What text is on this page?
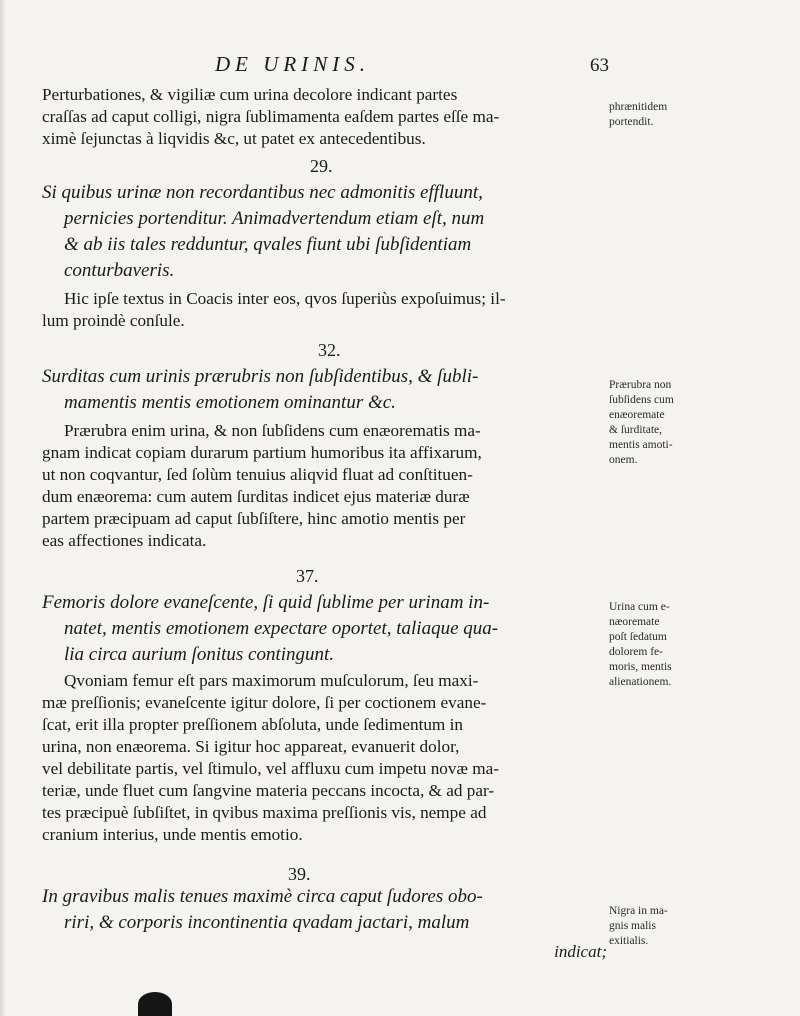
DE URINIS.	63
Perturbationes, & vigiliæ cum urina decolore indicant partes
craſſas ad caput colligi, nigra ſublimamenta eaſdem partes eſſe ma-
ximè ſejunctas à liqvidis &c, ut patet ex antecedentibus.
29.
Si quibus urinæ non recordantibus nec admonitis effluunt,
pernicies portenditur. Animadvertendum etiam eſt, num
& ab iis tales redduntur, qvales fiunt ubi ſubſidentiam
conturbaveris.
Hic ipſe textus in Coacis inter eos, qvos ſuperiùs expoſuimus; il-
lum proindè conſule.
32.
Surditas cum urinis prærubris non ſubſidentibus, & ſubli-
mamentis mentis emotionem ominantur &c.
Prærubra enim urina, & non ſubſidens cum enæorematis ma-
gnam indicat copiam durarum partium humoribus ita affixarum,
ut non coqvantur, ſed ſolùm tenuius aliqvid fluat ad conſtituen-
dum enæorema: cum autem ſurditas indicet ejus materiæ duræ
partem præcipuam ad caput ſubſiſtere, hinc amotio mentis per
eas affectiones indicata.
37.
Femoris dolore evaneſcente, ſi quid ſublime per urinam in-
natet, mentis emotionem expectare oportet, taliaque qua-
lia circa aurium ſonitus contingunt.
Qvoniam femur eſt pars maximorum muſculorum, ſeu maxi-
mæ preſſionis; evaneſcente igitur dolore, ſi per coctionem evane-
ſcat, erit illa propter preſſionem abſoluta, unde ſedimentum in
urina, non enæorema. Si igitur hoc appareat, evanuerit dolor,
vel debilitate partis, vel ſtimulo, vel affluxu cum impetu novæ ma-
teriæ, unde fluet cum ſangvine materia peccans incocta, & ad par-
tes præcipuè ſubſiſtet, in qvibus maxima preſſionis vis, nempe ad
cranium interius, unde mentis emotio.
39.
In gravibus malis tenues maximè circa caput ſudores obo-
riri, & corporis incontinentia qvadam jactari, malum
indicat;
phrænitidem
portendit.
Prærubra non
ſubſidens cum
enæoremate
& ſurditate,
mentis amoti-
onem.
Urina cum e-
næoremate
poſt ſedatum
dolorem fe-
moris, mentis
alienationem.
Nigra in ma-
gnis malis
exitialis.
